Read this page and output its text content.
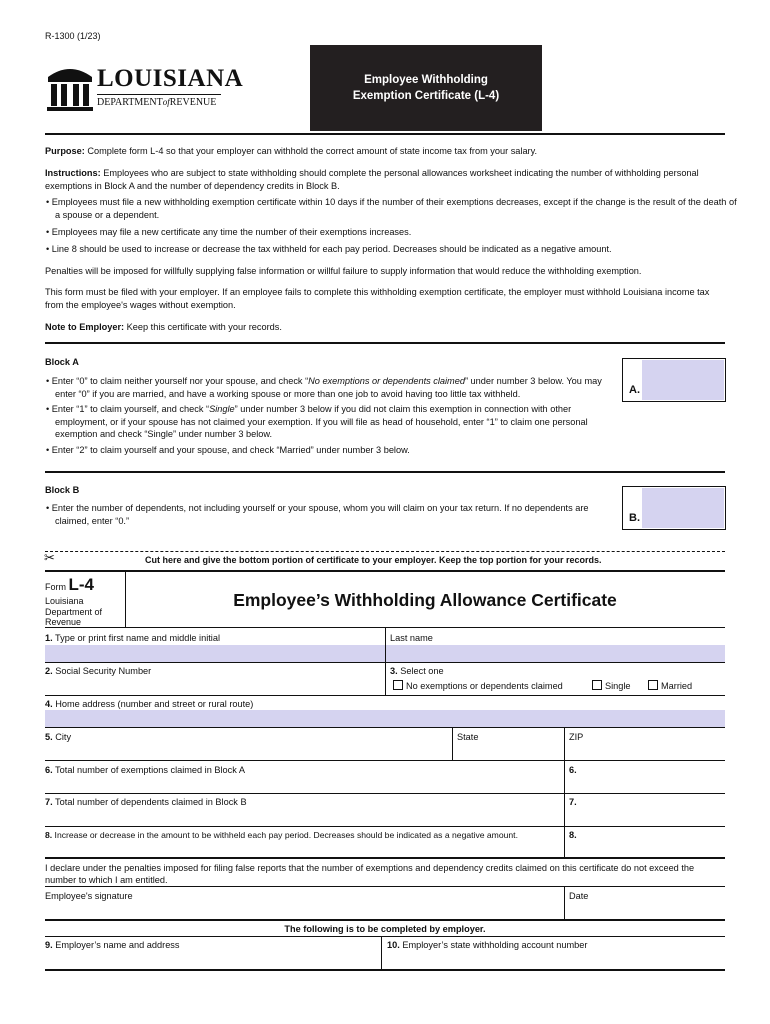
R-1300 (1/23)
LOUISIANA
DEPARTMENTofREVENUE
Employee Withholding
Exemption Certificate (L-4)
Purpose: Complete form L-4 so that your employer can withhold the correct amount of state income tax from your salary.
Instructions: Employees who are subject to state withholding should complete the personal allowances worksheet indicating the number of withholding personal exemptions in Block A and the number of dependency credits in Block B.
• Employees must file a new withholding exemption certificate within 10 days if the number of their exemptions decreases, except if the change is the result of the death of a spouse or a dependent.
• Employees may file a new certificate any time the number of their exemptions increases.
• Line 8 should be used to increase or decrease the tax withheld for each pay period. Decreases should be indicated as a negative amount.
Penalties will be imposed for willfully supplying false information or willful failure to supply information that would reduce the withholding exemption.
This form must be filed with your employer. If an employee fails to complete this withholding exemption certificate, the employer must withhold Louisiana income tax from the employee's wages without exemption.
Note to Employer: Keep this certificate with your records.
Block A
• Enter “0” to claim neither yourself nor your spouse, and check “No exemptions or dependents claimed” under number 3 below. You may enter “0” if you are married, and have a working spouse or more than one job to avoid having too little tax withheld.
• Enter “1” to claim yourself, and check “Single” under number 3 below if you did not claim this exemption in connection with other employment, or if your spouse has not claimed your exemption. If you will file as head of household, enter “1” to claim one personal exemption and check “Single” under number 3 below.
• Enter “2” to claim yourself and your spouse, and check “Married” under number 3 below.
A.
Block B
• Enter the number of dependents, not including yourself or your spouse, whom you will claim on your tax return. If no dependents are claimed, enter “0.”	B.
✂	Cut here and give the bottom portion of certificate to your employer. Keep the top portion for your records.
Form L-4
Louisiana
Department of
Revenue
Employee’s Withholding Allowance Certificate
1. Type or print first name and middle initial	Last name
2. Social Security Number	3. Select one
No exemptions or dependents claimed	Single	Married
4. Home address (number and street or rural route)
5. City	State	ZIP
6. Total number of exemptions claimed in Block A	6.
7. Total number of dependents claimed in Block B	7.
8. Increase or decrease in the amount to be withheld each pay period. Decreases should be indicated as a negative amount.	8.
I declare under the penalties imposed for filing false reports that the number of exemptions and dependency credits claimed on this certificate do not exceed the number to which I am entitled.
Employee's signature	Date
The following is to be completed by employer.
9. Employer’s name and address	10. Employer’s state withholding account number
